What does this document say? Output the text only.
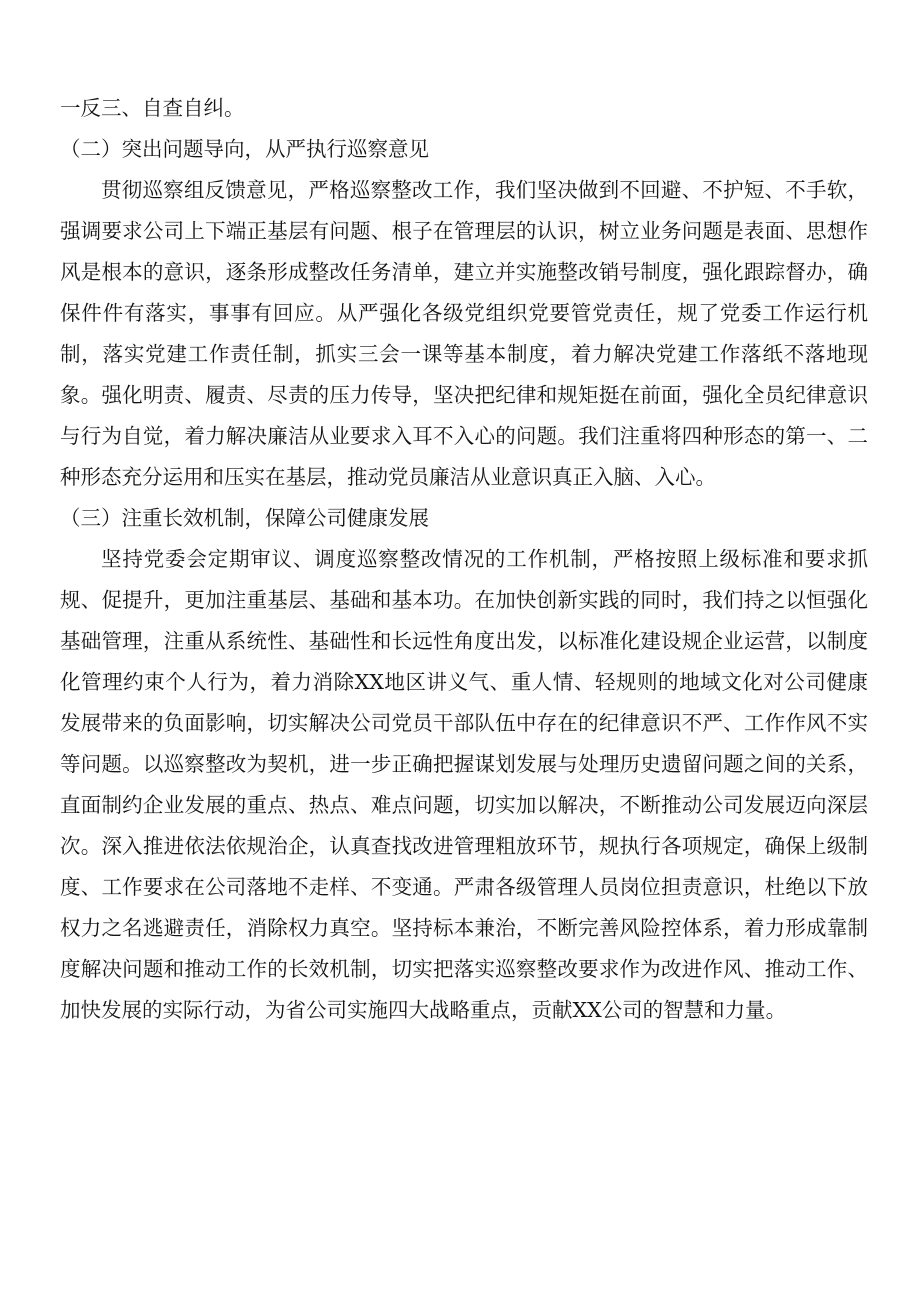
一反三、自查自纠。

（二）突出问题导向，从严执行巡察意见

贯彻巡察组反馈意见，严格巡察整改工作，我们坚决做到不回避、不护短、不手软，强调要求公司上下端正基层有问题、根子在管理层的认识，树立业务问题是表面、思想作风是根本的意识，逐条形成整改任务清单，建立并实施整改销号制度，强化跟踪督办，确保件件有落实，事事有回应。从严强化各级党组织党要管党责任，规了党委工作运行机制，落实党建工作责任制，抓实三会一课等基本制度，着力解决党建工作落纸不落地现象。强化明责、履责、尽责的压力传导，坚决把纪律和规矩挺在前面，强化全员纪律意识与行为自觉，着力解决廉洁从业要求入耳不入心的问题。我们注重将四种形态的第一、二种形态充分运用和压实在基层，推动党员廉洁从业意识真正入脑、入心。

（三）注重长效机制，保障公司健康发展

坚持党委会定期审议、调度巡察整改情况的工作机制，严格按照上级标准和要求抓规、促提升，更加注重基层、基础和基本功。在加快创新实践的同时，我们持之以恒强化基础管理，注重从系统性、基础性和长远性角度出发，以标准化建设规企业运营，以制度化管理约束个人行为，着力消除XX地区讲义气、重人情、轻规则的地域文化对公司健康发展带来的负面影响，切实解决公司党员干部队伍中存在的纪律意识不严、工作作风不实等问题。以巡察整改为契机，进一步正确把握谋划发展与处理历史遗留问题之间的关系，直面制约企业发展的重点、热点、难点问题，切实加以解决，不断推动公司发展迈向深层次。深入推进依法依规治企，认真查找改进管理粗放环节，规执行各项规定，确保上级制度、工作要求在公司落地不走样、不变通。严肃各级管理人员岗位担责意识，杜绝以下放权力之名逃避责任，消除权力真空。坚持标本兼治，不断完善风险控体系，着力形成靠制度解决问题和推动工作的长效机制，切实把落实巡察整改要求作为改进作风、推动工作、加快发展的实际行动，为省公司实施四大战略重点，贡献XX公司的智慧和力量。
